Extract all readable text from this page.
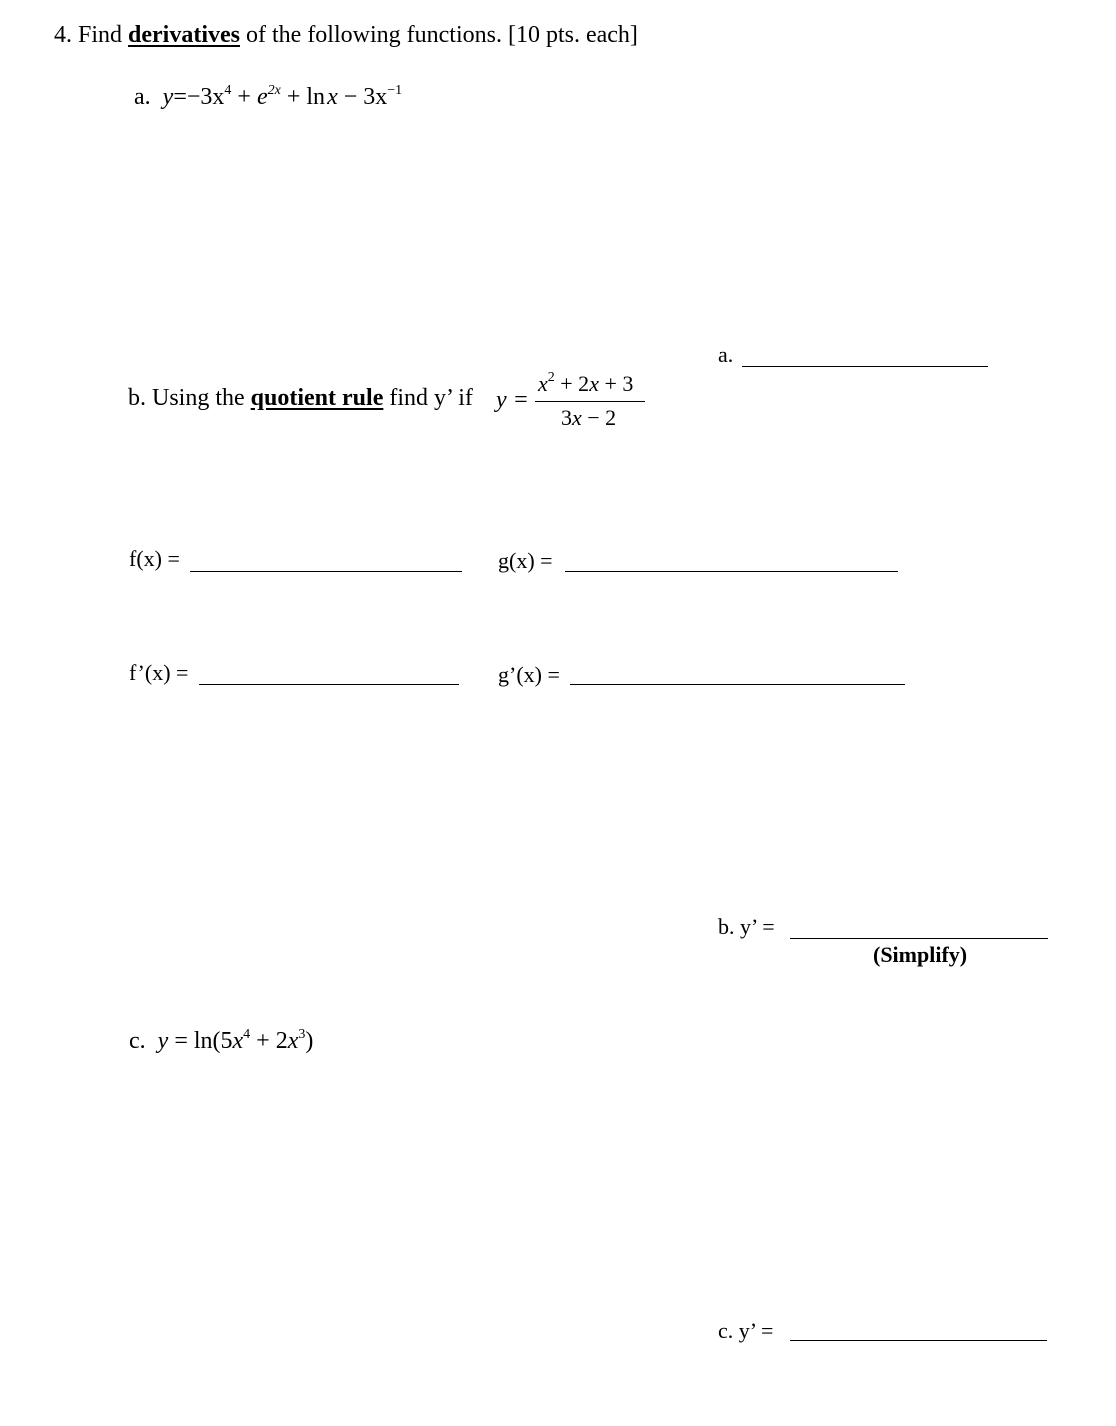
4. Find derivatives of the following functions. [10 pts. each]
a. $y=-3x^4 + e^{2x} + \ln$ $x - 3x^{-1}$
a.
b. Using the quotient rule find y’ if y =
$x^2 + 2x + 3$
3x − 2
f(x) =	g(x) =
f’(x) =	g’(x) =
b. y’ =
(Simplify)
c. $y = \ln(5x^4 + 2x^3)$
c. y’ =
